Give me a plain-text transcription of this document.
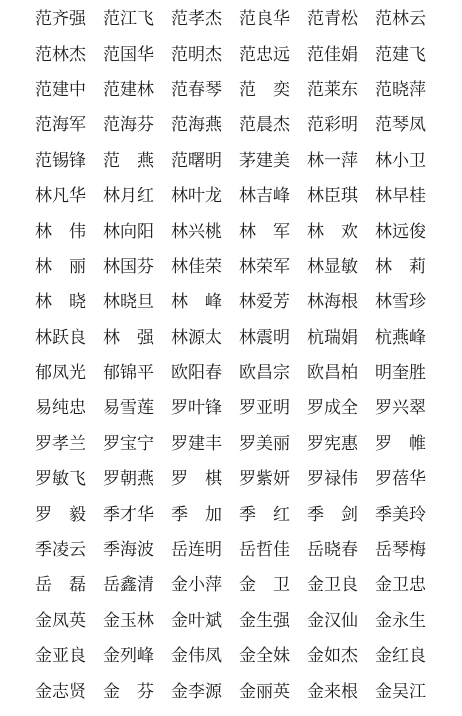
范齐强	范江飞	范孝杰	范良华	范青松	范林云
范林杰	范国华	范明杰	范忠远	范佳娟	范建飞
范建中	范建林	范春琴	范　奕	范莱东	范晓萍
范海军	范海芬	范海燕	范晨杰	范彩明	范琴凤
范锡锋	范　燕	范曙明	茅建美	林一萍	林小卫
林凡华	林月红	林叶龙	林吉峰	林臣琪	林早桂
林　伟	林向阳	林兴桃	林　军	林　欢	林远俊
林　丽	林国芬	林佳荣	林荣军	林显敏	林　莉
林　晓	林晓旦	林　峰	林爱芳	林海根	林雪珍
林跃良	林　强	林源太	林震明	杭瑞娟	杭燕峰
郁凤光	郁锦平	欧阳春	欧昌宗	欧昌柏	明奎胜
易纯忠	易雪莲	罗叶锋	罗亚明	罗成全	罗兴翠
罗孝兰	罗宝宁	罗建丰	罗美丽	罗宪惠	罗　帷
罗敏飞	罗朝燕	罗　棋	罗紫妍	罗禄伟	罗蓓华
罗　毅	季才华	季　加	季　红	季　剑	季美玲
季凌云	季海波	岳连明	岳哲佳	岳晓春	岳琴梅
岳　磊	岳鑫清	金小萍	金　卫	金卫良	金卫忠
金凤英	金玉林	金叶斌	金生强	金汉仙	金永生
金亚良	金列峰	金伟凤	金全妹	金如杰	金红良
金志贤	金　芬	金李源	金丽英	金来根	金吴江
